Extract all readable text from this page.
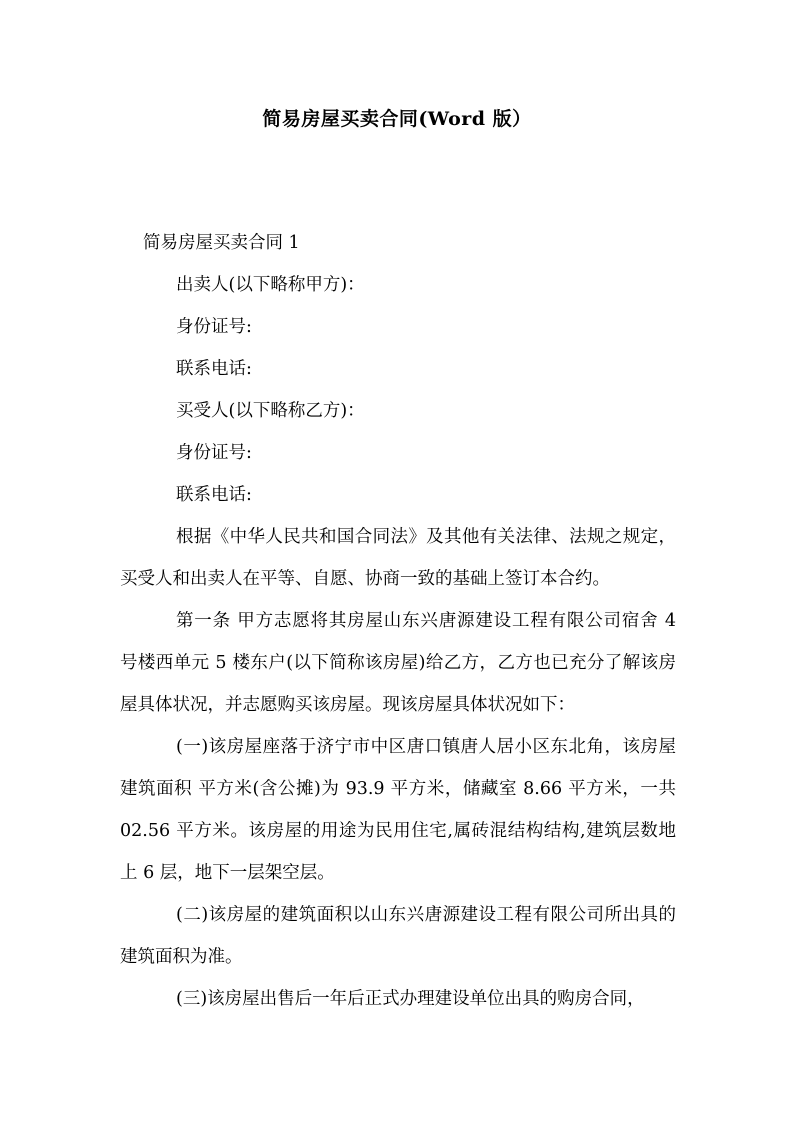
简易房屋买卖合同(Word 版）

简易房屋买卖合同 1

出卖人(以下略称甲方)：

身份证号:

联系电话:

买受人(以下略称乙方)：

身份证号:

联系电话:

根据《中华人民共和国合同法》及其他有关法律、法规之规定，买受人和出卖人在平等、自愿、协商一致的基础上签订本合约。

第一条 甲方志愿将其房屋山东兴唐源建设工程有限公司宿舍 4 号楼西单元 5 楼东户(以下简称该房屋)给乙方，乙方也已充分了解该房屋具体状况，并志愿购买该房屋。现该房屋具体状况如下：

(一)该房屋座落于济宁市中区唐口镇唐人居小区东北角，该房屋建筑面积 平方米(含公摊)为 93.9 平方米，储藏室 8.66 平方米，一共 02.56 平方米。该房屋的用途为民用住宅,属砖混结构结构,建筑层数地上 6 层，地下一层架空层。

(二)该房屋的建筑面积以山东兴唐源建设工程有限公司所出具的建筑面积为准。

(三)该房屋出售后一年后正式办理建设单位出具的购房合同，
